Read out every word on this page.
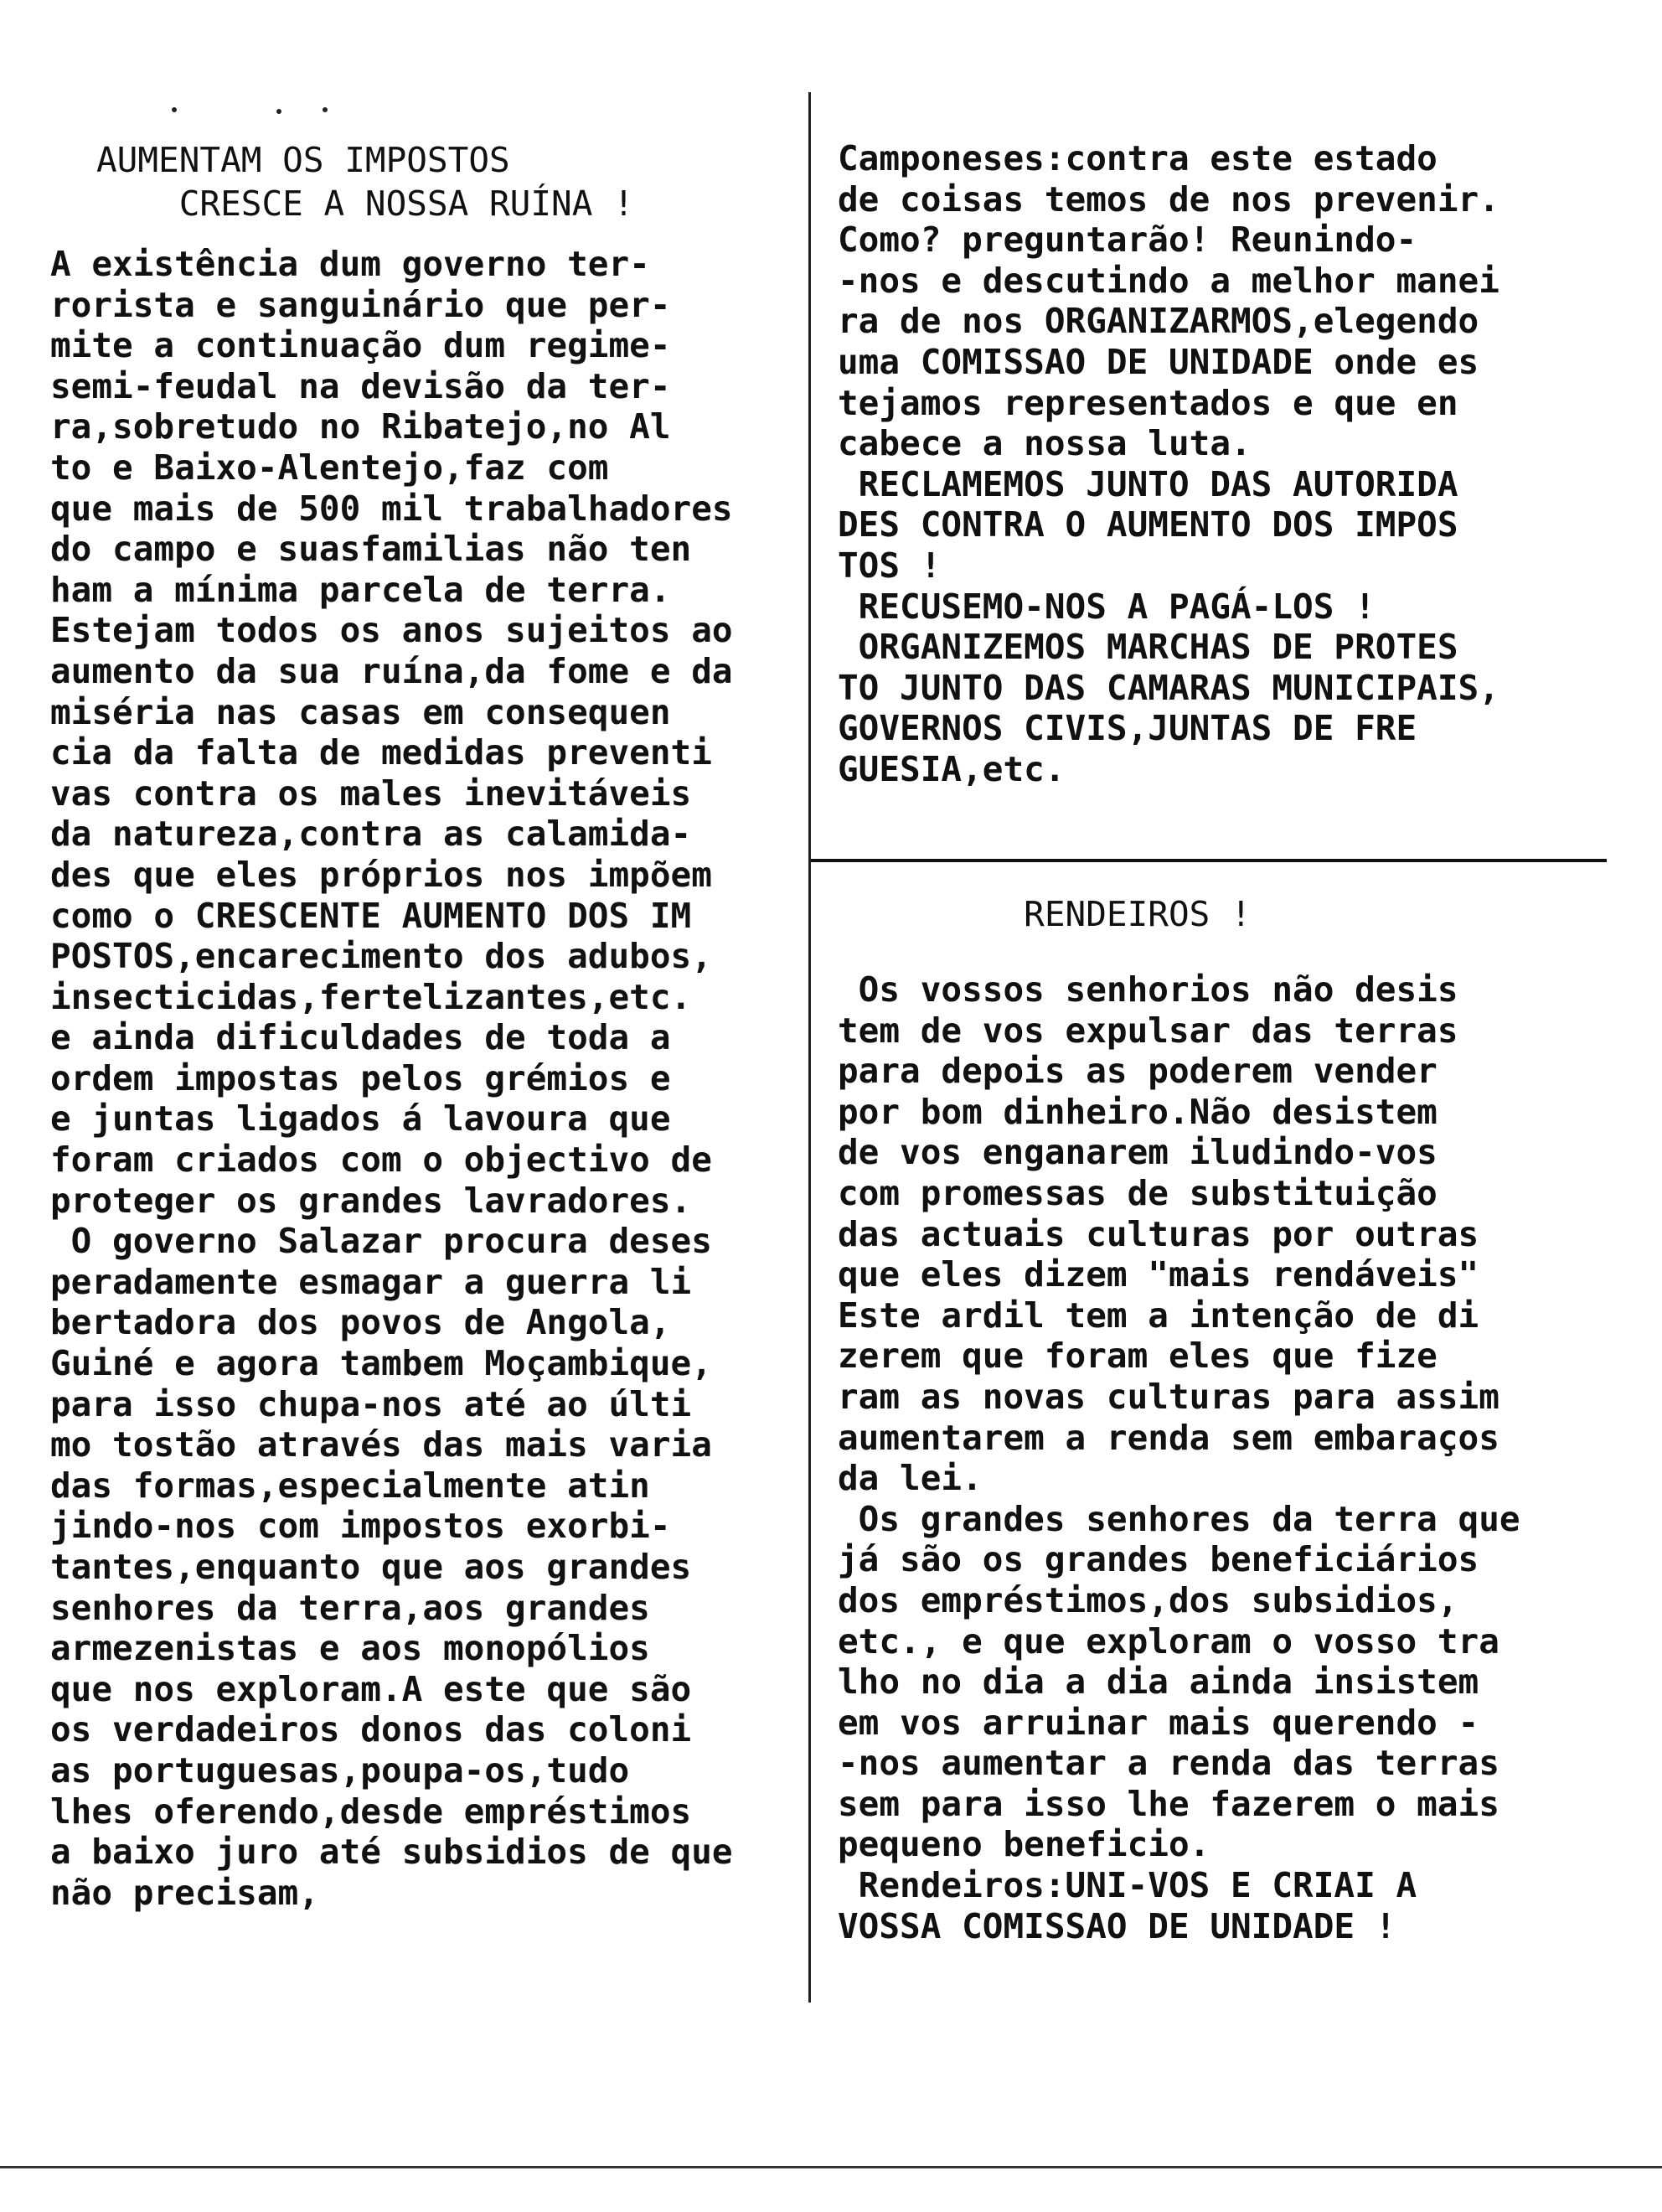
AUMENTAM OS IMPOSTOS
CRESCE A NOSSA RUÍNA !
A existência dum governo ter-
rorista e sanguinário que per-
mite a continuação dum regime-
semi-feudal na devisão da ter-
ra,sobretudo no Ribatejo,no Al
to e Baixo-Alentejo,faz com
que mais de 500 mil trabalhadores
do campo e suasfamilias não ten
ham a mínima parcela de terra.
Estejam todos os anos sujeitos ao
aumento da sua ruína,da fome e da
miséria nas casas em consequen
cia da falta de medidas preventi
vas contra os males inevitáveis
da natureza,contra as calamida-
des que eles próprios nos impõem
como o CRESCENTE AUMENTO DOS IM
POSTOS,encarecimento dos adubos,
insecticidas,fertelizantes,etc.
e ainda dificuldades de toda a
ordem impostas pelos grémios e
e juntas ligados á lavoura que
foram criados com o objectivo de
proteger os grandes lavradores.
O governo Salazar procura deses
peradamente esmagar a guerra li
bertadora dos povos de Angola,
Guiné e agora tambem Moçambique,
para isso chupa-nos até ao últi
mo tostão através das mais varia
das formas,especialmente atin
jindo-nos com impostos exorbi-
tantes,enquanto que aos grandes
senhores da terra,aos grandes
armezenistas e aos monopólios
que nos exploram.A este que são
os verdadeiros donos das coloni
as portuguesas,poupa-os,tudo
lhes oferendo,desde empréstimos
a baixo juro até subsidios de que
não precisam,
Camponeses:contra este estado
de coisas temos de nos prevenir.
Como? preguntarão! Reunindo-
-nos e descutindo a melhor manei
ra de nos ORGANIZARMOS,elegendo
uma COMISSAO DE UNIDADE onde es
tejamos representados e que en
cabece a nossa luta.
RECLAMEMOS JUNTO DAS AUTORIDA
DES CONTRA O AUMENTO DOS IMPOS
TOS !
RECUSEMO-NOS A PAGÁ-LOS !
ORGANIZEMOS MARCHAS DE PROTES
TO JUNTO DAS CAMARAS MUNICIPAIS,
GOVERNOS CIVIS,JUNTAS DE FRE
GUESIA,etc.
RENDEIROS !
Os vossos senhorios não desis
tem de vos expulsar das terras
para depois as poderem vender
por bom dinheiro.Não desistem
de vos enganarem iludindo-vos
com promessas de substituição
das actuais culturas por outras
que eles dizem "mais rendáveis"
Este ardil tem a intenção de di
zerem que foram eles que fize
ram as novas culturas para assim
aumentarem a renda sem embaraços
da lei.
Os grandes senhores da terra que
já são os grandes beneficiários
dos empréstimos,dos subsidios,
etc., e que exploram o vosso tra
lho no dia a dia ainda insistem
em vos arruinar mais querendo -
-nos aumentar a renda das terras
sem para isso lhe fazerem o mais
pequeno beneficio.
Rendeiros:UNI-VOS E CRIAI A
VOSSA COMISSAO DE UNIDADE !
